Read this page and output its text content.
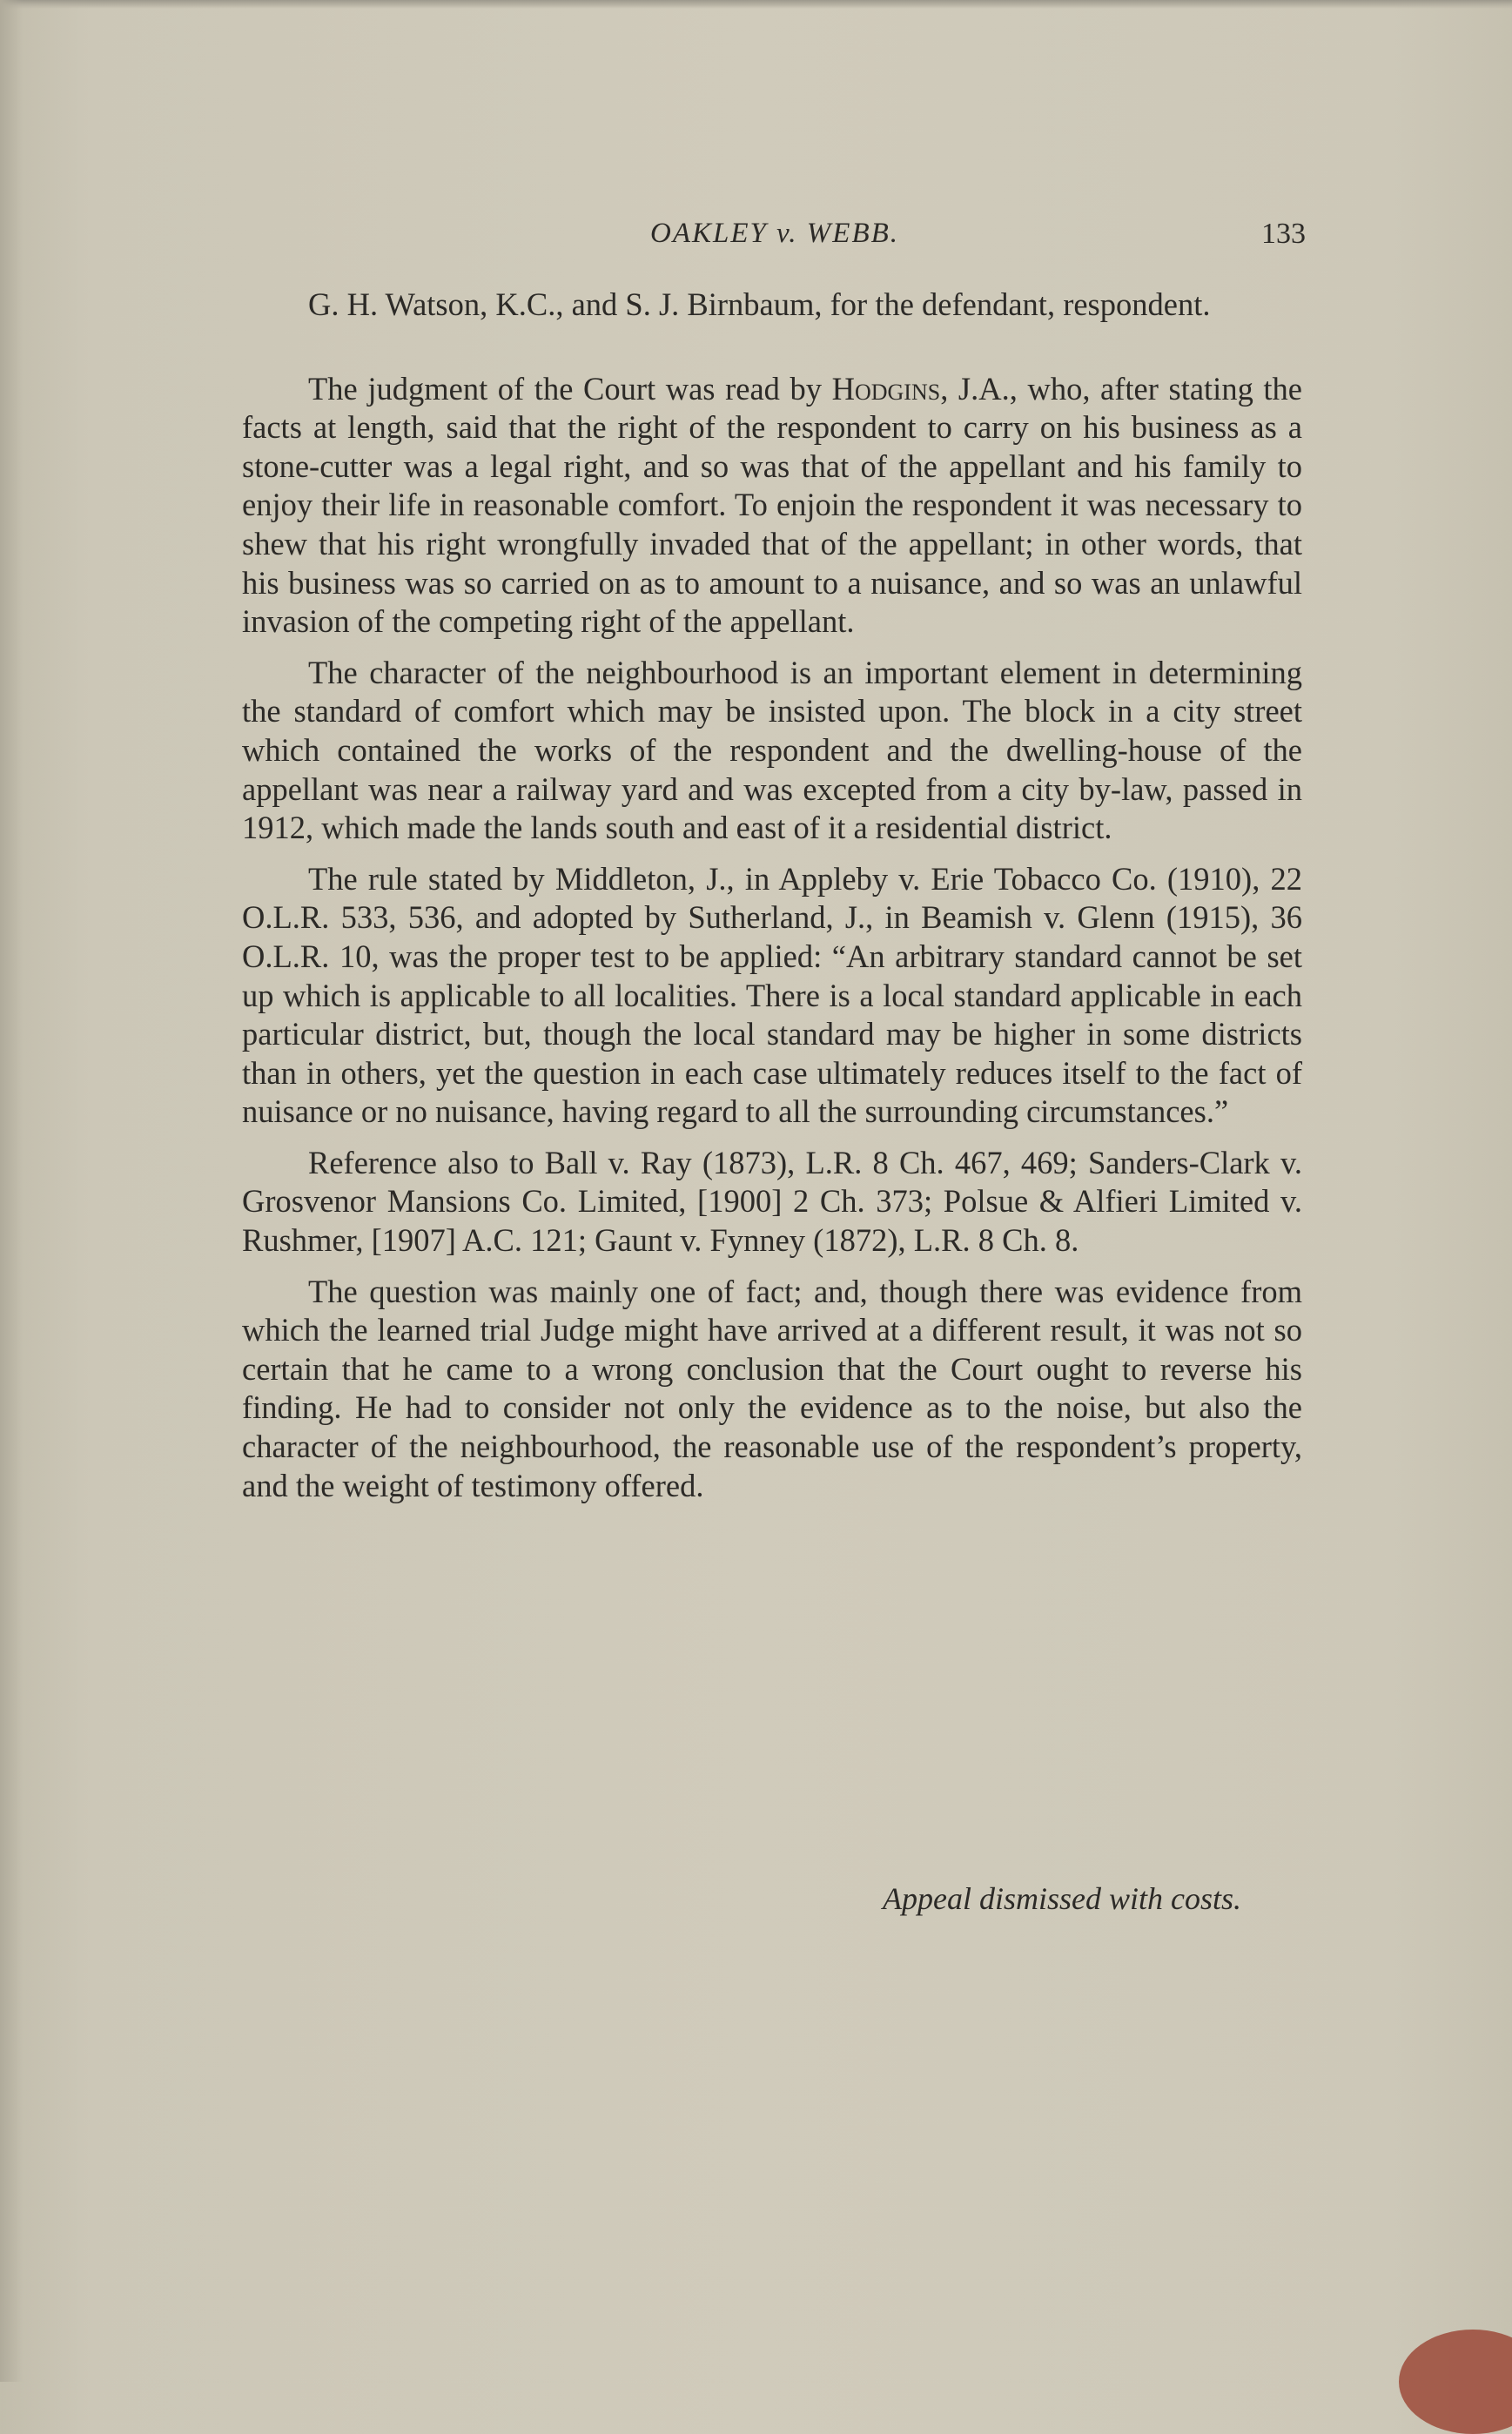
OAKLEY v. WEBB.	133

G. H. Watson, K.C., and S. J. Birnbaum, for the defendant, respondent.

The judgment of the Court was read by Hodgins, J.A., who, after stating the facts at length, said that the right of the respondent to carry on his business as a stone-cutter was a legal right, and so was that of the appellant and his family to enjoy their life in reasonable comfort. To enjoin the respondent it was necessary to shew that his right wrongfully invaded that of the appellant; in other words, that his business was so carried on as to amount to a nuisance, and so was an unlawful invasion of the competing right of the appellant.

The character of the neighbourhood is an important element in determining the standard of comfort which may be insisted upon. The block in a city street which contained the works of the respondent and the dwelling-house of the appellant was near a railway yard and was excepted from a city by-law, passed in 1912, which made the lands south and east of it a residential district.

The rule stated by Middleton, J., in Appleby v. Erie Tobacco Co. (1910), 22 O.L.R. 533, 536, and adopted by Sutherland, J., in Beamish v. Glenn (1915), 36 O.L.R. 10, was the proper test to be applied: “An arbitrary standard cannot be set up which is applicable to all localities. There is a local standard applicable in each particular district, but, though the local standard may be higher in some districts than in others, yet the question in each case ultimately reduces itself to the fact of nuisance or no nuisance, having regard to all the surrounding circumstances.”

Reference also to Ball v. Ray (1873), L.R. 8 Ch. 467, 469; Sanders-Clark v. Grosvenor Mansions Co. Limited, [1900] 2 Ch. 373; Polsue & Alfieri Limited v. Rushmer, [1907] A.C. 121; Gaunt v. Fynney (1872), L.R. 8 Ch. 8.

The question was mainly one of fact; and, though there was evidence from which the learned trial Judge might have arrived at a different result, it was not so certain that he came to a wrong conclusion that the Court ought to reverse his finding. He had to consider not only the evidence as to the noise, but also the character of the neighbourhood, the reasonable use of the respondent’s property, and the weight of testimony offered.

Appeal dismissed with costs.
